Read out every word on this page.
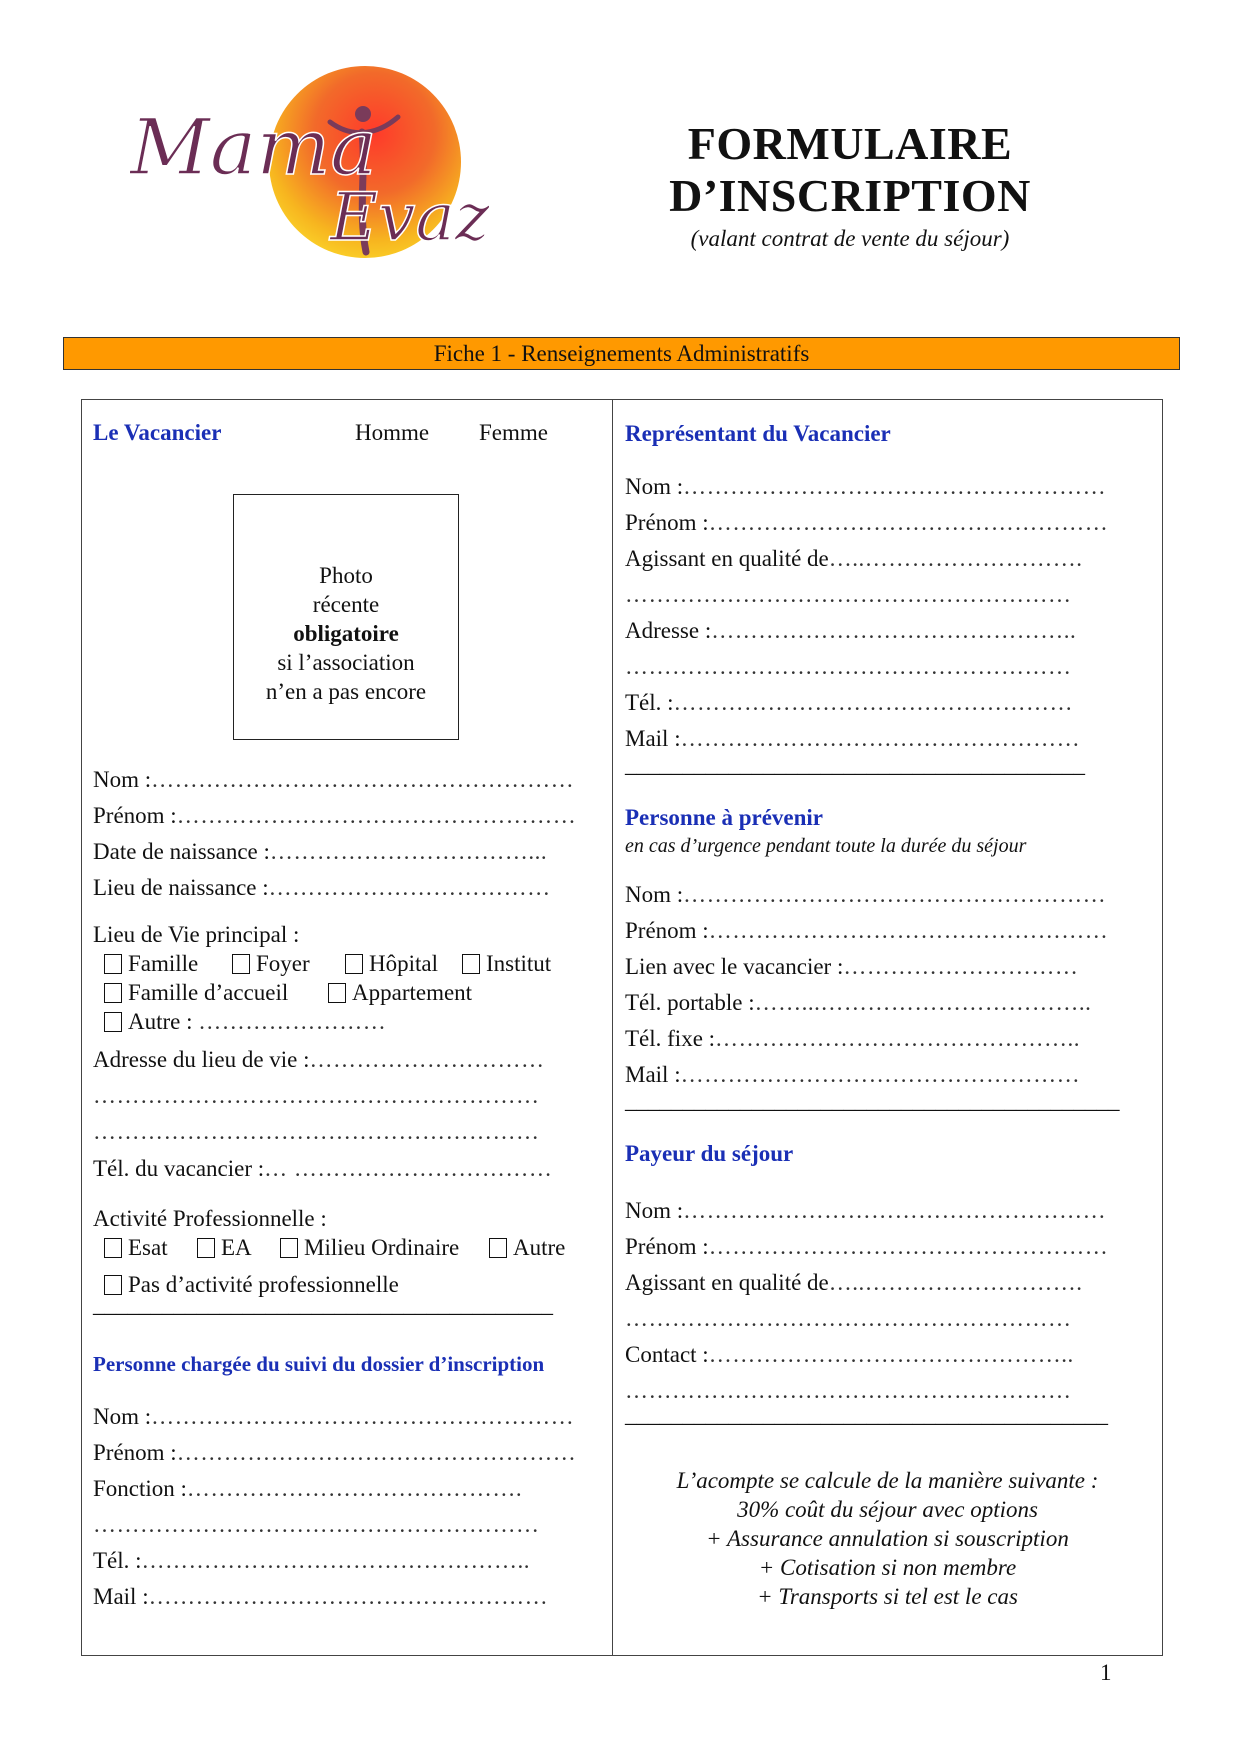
Mama
Evaz
FORMULAIRE
D’INSCRIPTION
(valant contrat de vente du séjour)
Fiche 1 - Renseignements Administratifs
Le Vacancier	Homme Femme
Photo
récente
obligatoire
si l’association
n’en a pas encore
Nom :………………………………………………
Prénom :……………………………………………
Date de naissance :……………………………...
Lieu de naissance :………………………………
Lieu de Vie principal :
Famille	Foyer	Hôpital	Institut
Famille d’accueil	Appartement
Autre : ……………………
Adresse du lieu de vie :…………………………
…………………………………………………
…………………………………………………
Tél. du vacancier :… ……………………………
Activité Professionnelle :
Esat	EA	Milieu Ordinaire	Autre
Pas d’activité professionnelle
________________________________________
Personne chargée du suivi du dossier d’inscription
Nom :………………………………………………
Prénom :……………………………………………
Fonction :…………………………………….
…………………………………………………
Tél. :…………………………………………..
Mail :……………………………………………
Représentant du Vacancier
Nom :………………………………………………
Prénom :……………………………………………
Agissant en qualité de…..……………………….
…………………………………………………
Adresse :………………………………………..
…………………………………………………
Tél. :……………………………………………
Mail :……………………………………………
________________________________________
Personne à prévenir
en cas d’urgence pendant toute la durée du séjour
Nom :………………………………………………
Prénom :……………………………………………
Lien avec le vacancier :…………………………
Tél. portable :……...……………………………..
Tél. fixe :………………………………………..
Mail :……………………………………………
___________________________________________
Payeur du séjour
Nom :………………………………………………
Prénom :……………………………………………
Agissant en qualité de…..……………………….
…………………………………………………
Contact :………………………………………..
…………………………………………………
__________________________________________
L’acompte se calcule de la manière suivante :
30% coût du séjour avec options
+ Assurance annulation si souscription
+ Cotisation si non membre
+ Transports si tel est le cas
1
